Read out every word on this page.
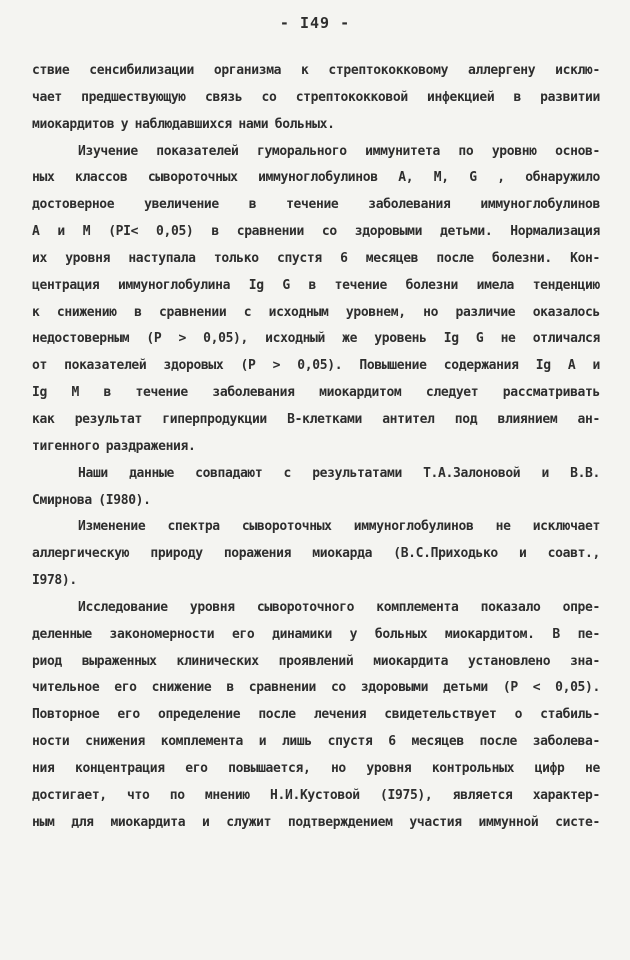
- I49 -
ствие сенсибилизации организма к стрептококковому аллергену исклю-
чает предшествующую связь со стрептококковой инфекцией в развитии
миокардитов у наблюдавшихся нами больных.
Изучение показателей гуморального иммунитета по уровню основ-
ных классов сывороточных иммуноглобулинов А, М, G , обнаружило
достоверное увеличение в течение заболевания иммуноглобулинов
А и М (PI< 0,05) в сравнении со здоровыми детьми. Нормализация
их уровня наступала только спустя 6 месяцев после болезни. Кон-
центрация иммуноглобулина Ig G в течение болезни имела тенденцию
к снижению в сравнении с исходным уровнем, но различие оказалось
недостоверным (P > 0,05), исходный же уровень Ig G не отличался
от показателей здоровых (P > 0,05). Повышение содержания Ig А и
Ig М в течение заболевания миокардитом следует рассматривать
как результат гиперпродукции В-клетками антител под влиянием ан-
тигенного раздражения.
Наши данные совпадают с результатами Т.А.Залоновой и В.В.
Смирнова (I980).
Изменение спектра сывороточных иммуноглобулинов не исключает
аллергическую природу поражения миокарда (В.С.Приходько и соавт.,
I978).
Исследование уровня сывороточного комплемента показало опре-
деленные закономерности его динамики у больных миокардитом. В пе-
риод выраженных клинических проявлений миокардита установлено зна-
чительное его снижение в сравнении со здоровыми детьми (P < 0,05).
Повторное его определение после лечения свидетельствует о стабиль-
ности снижения комплемента и лишь спустя 6 месяцев после заболева-
ния концентрация его повышается, но уровня контрольных цифр не
достигает, что по мнению Н.И.Кустовой (I975), является характер-
ным для миокардита и служит подтверждением участия иммунной систе-
